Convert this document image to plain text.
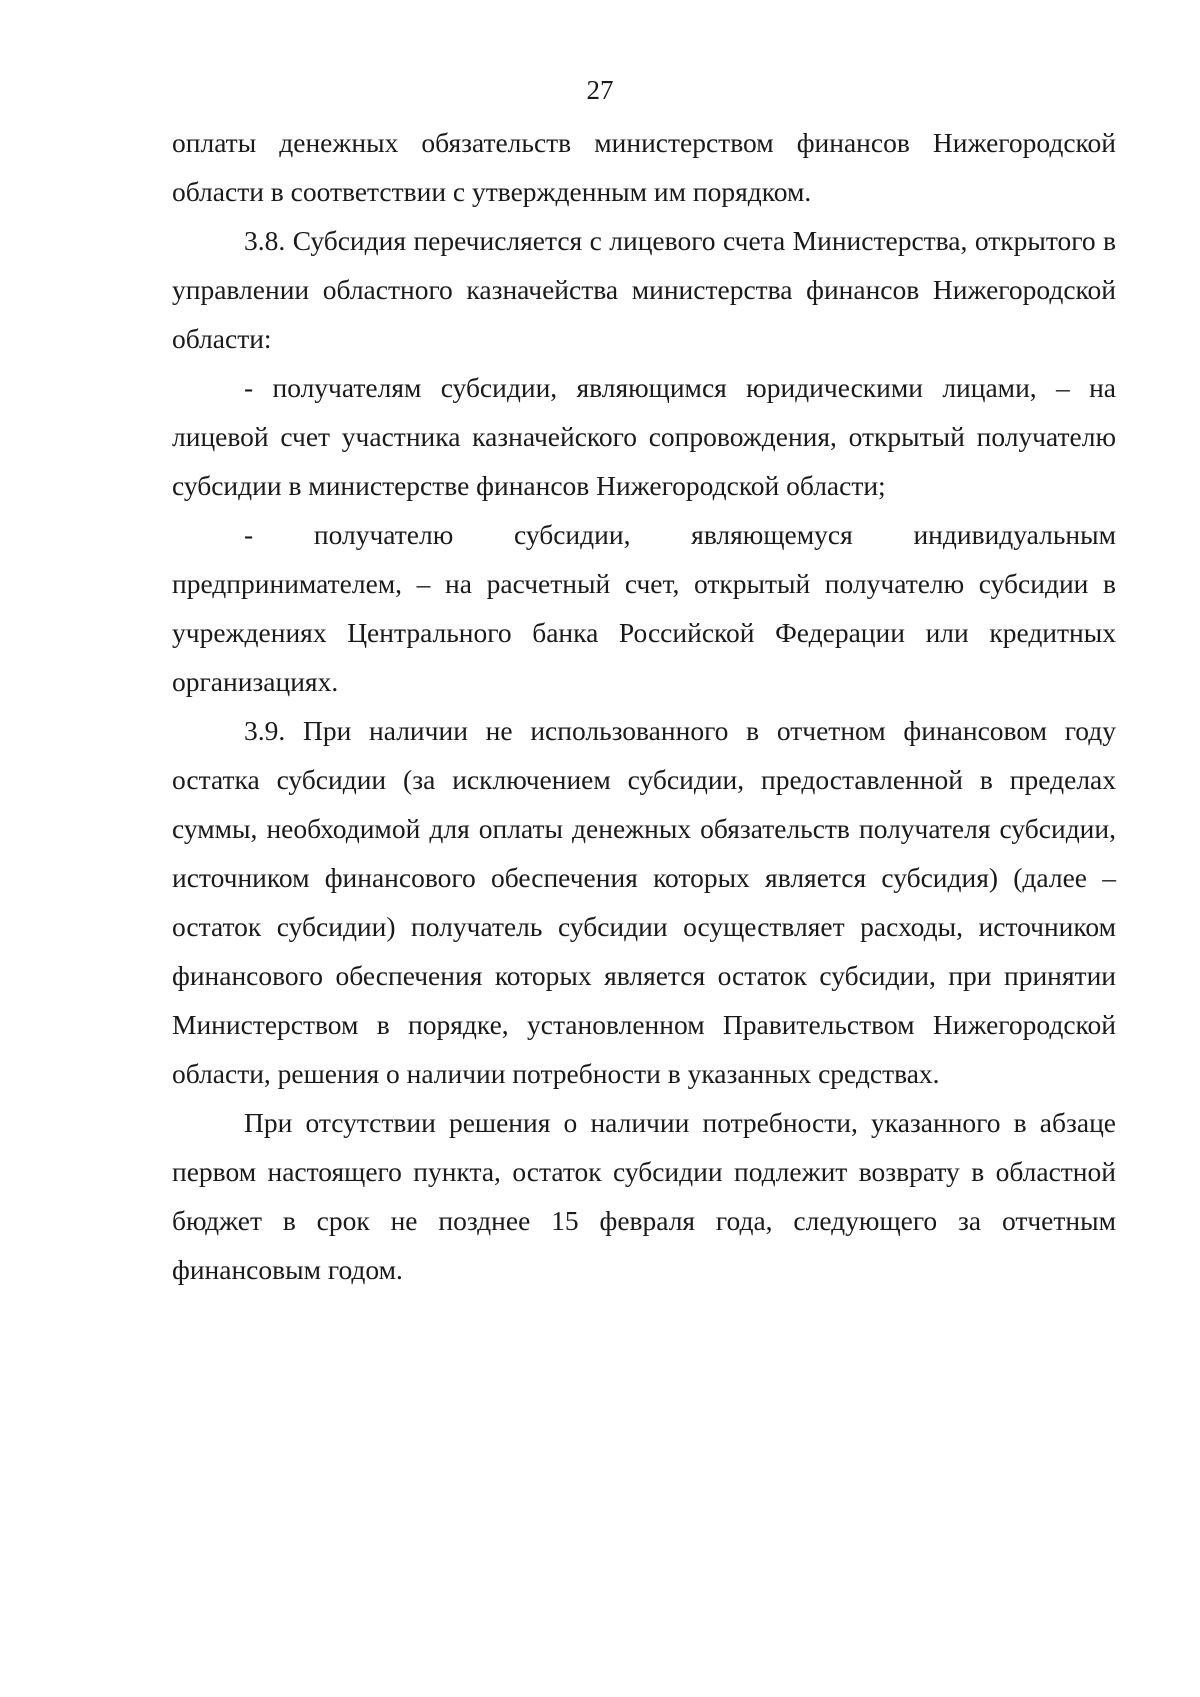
27

оплаты денежных обязательств министерством финансов Нижегородской области в соответствии с утвержденным им порядком.

3.8. Субсидия перечисляется с лицевого счета Министерства, открытого в управлении областного казначейства министерства финансов Нижегородской области:

- получателям субсидии, являющимся юридическими лицами, – на лицевой счет участника казначейского сопровождения, открытый получателю субсидии в министерстве финансов Нижегородской области;

- получателю субсидии, являющемуся индивидуальным предпринимателем, – на расчетный счет, открытый получателю субсидии в учреждениях Центрального банка Российской Федерации или кредитных организациях.

3.9. При наличии не использованного в отчетном финансовом году остатка субсидии (за исключением субсидии, предоставленной в пределах суммы, необходимой для оплаты денежных обязательств получателя субсидии, источником финансового обеспечения которых является субсидия) (далее – остаток субсидии) получатель субсидии осуществляет расходы, источником финансового обеспечения которых является остаток субсидии, при принятии Министерством в порядке, установленном Правительством Нижегородской области, решения о наличии потребности в указанных средствах.

При отсутствии решения о наличии потребности, указанного в абзаце первом настоящего пункта, остаток субсидии подлежит возврату в областной бюджет в срок не позднее 15 февраля года, следующего за отчетным финансовым годом.
